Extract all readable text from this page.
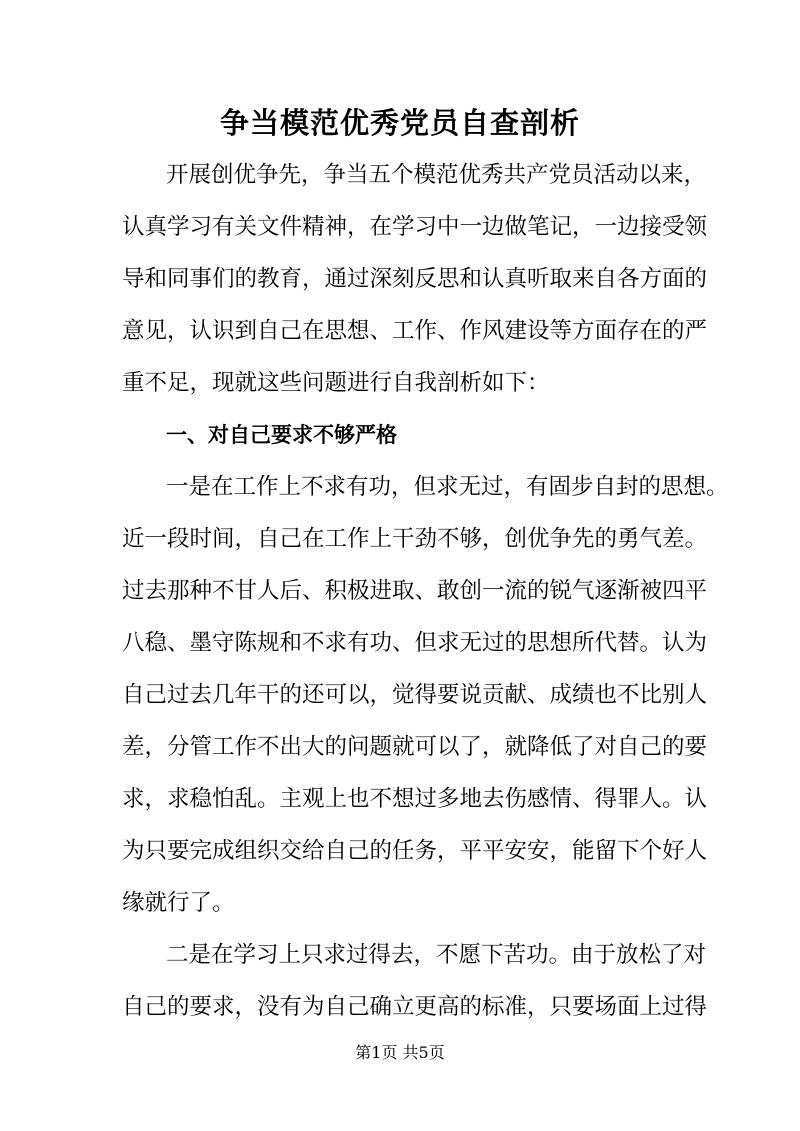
争当模范优秀党员自查剖析

开展创优争先，争当五个模范优秀共产党员活动以来，

认真学习有关文件精神，在学习中一边做笔记，一边接受领

导和同事们的教育，通过深刻反思和认真听取来自各方面的

意见，认识到自己在思想、工作、作风建设等方面存在的严

重不足，现就这些问题进行自我剖析如下：

一、对自己要求不够严格

一是在工作上不求有功，但求无过，有固步自封的思想。

近一段时间，自己在工作上干劲不够，创优争先的勇气差。

过去那种不甘人后、积极进取、敢创一流的锐气逐渐被四平

八稳、墨守陈规和不求有功、但求无过的思想所代替。认为

自己过去几年干的还可以，觉得要说贡献、成绩也不比别人

差，分管工作不出大的问题就可以了，就降低了对自己的要

求，求稳怕乱。主观上也不想过多地去伤感情、得罪人。认

为只要完成组织交给自己的任务，平平安安，能留下个好人

缘就行了。

二是在学习上只求过得去，不愿下苦功。由于放松了对

自己的要求，没有为自己确立更高的标准，只要场面上过得

第1页 共5页
